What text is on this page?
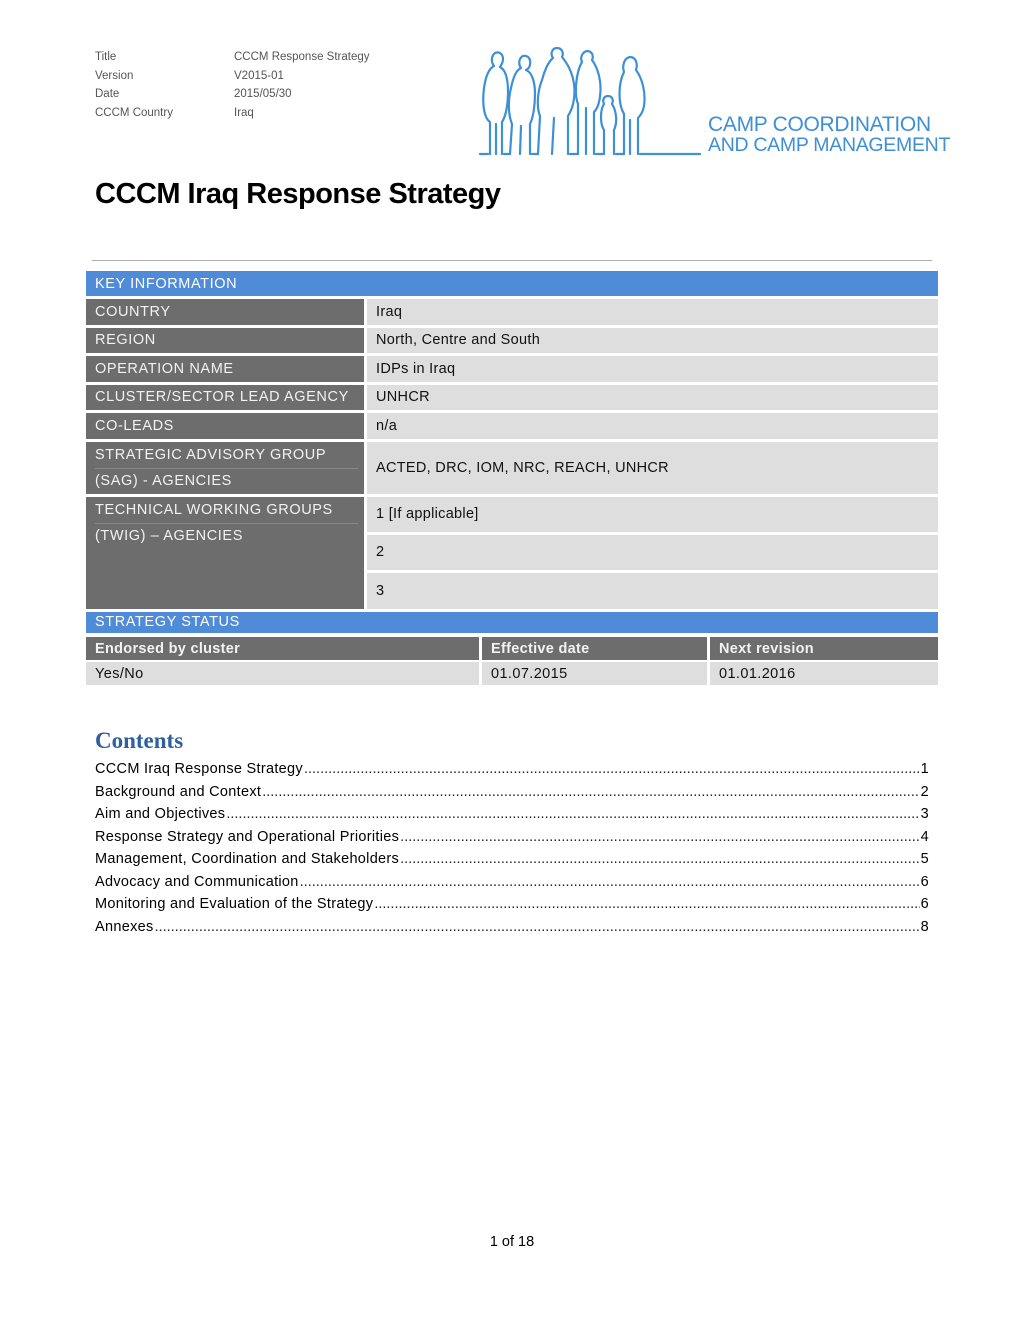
Title	CCCM Response Strategy
Version	V2015-01
Date	2015/05/30
CCCM Country	Iraq
CAMP COORDINATION
AND CAMP MANAGEMENT
CCCM Iraq Response Strategy
KEY INFORMATION	
COUNTRY	Iraq
REGION	North, Centre and South
OPERATION NAME	IDPs in Iraq
CLUSTER/SECTOR LEAD AGENCY	UNHCR
CO-LEADS	n/a

STRATEGIC ADVISORY GROUP
(SAG) - AGENCIES	ACTED, DRC, IOM, NRC, REACH, UNHCR

TECHNICAL WORKING GROUPS
(TWIG) – AGENCIES	1 [If applicable]
	2
	3
STRATEGY STATUS	
Endorsed by cluster	Effective date	Next revision
Yes/No	01.07.2015	01.01.2016
Contents
CCCM Iraq Response Strategy .....	1
Background and Context .....	2
Aim and Objectives .....	3
Response Strategy and Operational Priorities .....	4
Management, Coordination and Stakeholders .....	5
Advocacy and Communication .....	6
Monitoring and Evaluation of the Strategy .....	6
Annexes .....	8
1 of 18
